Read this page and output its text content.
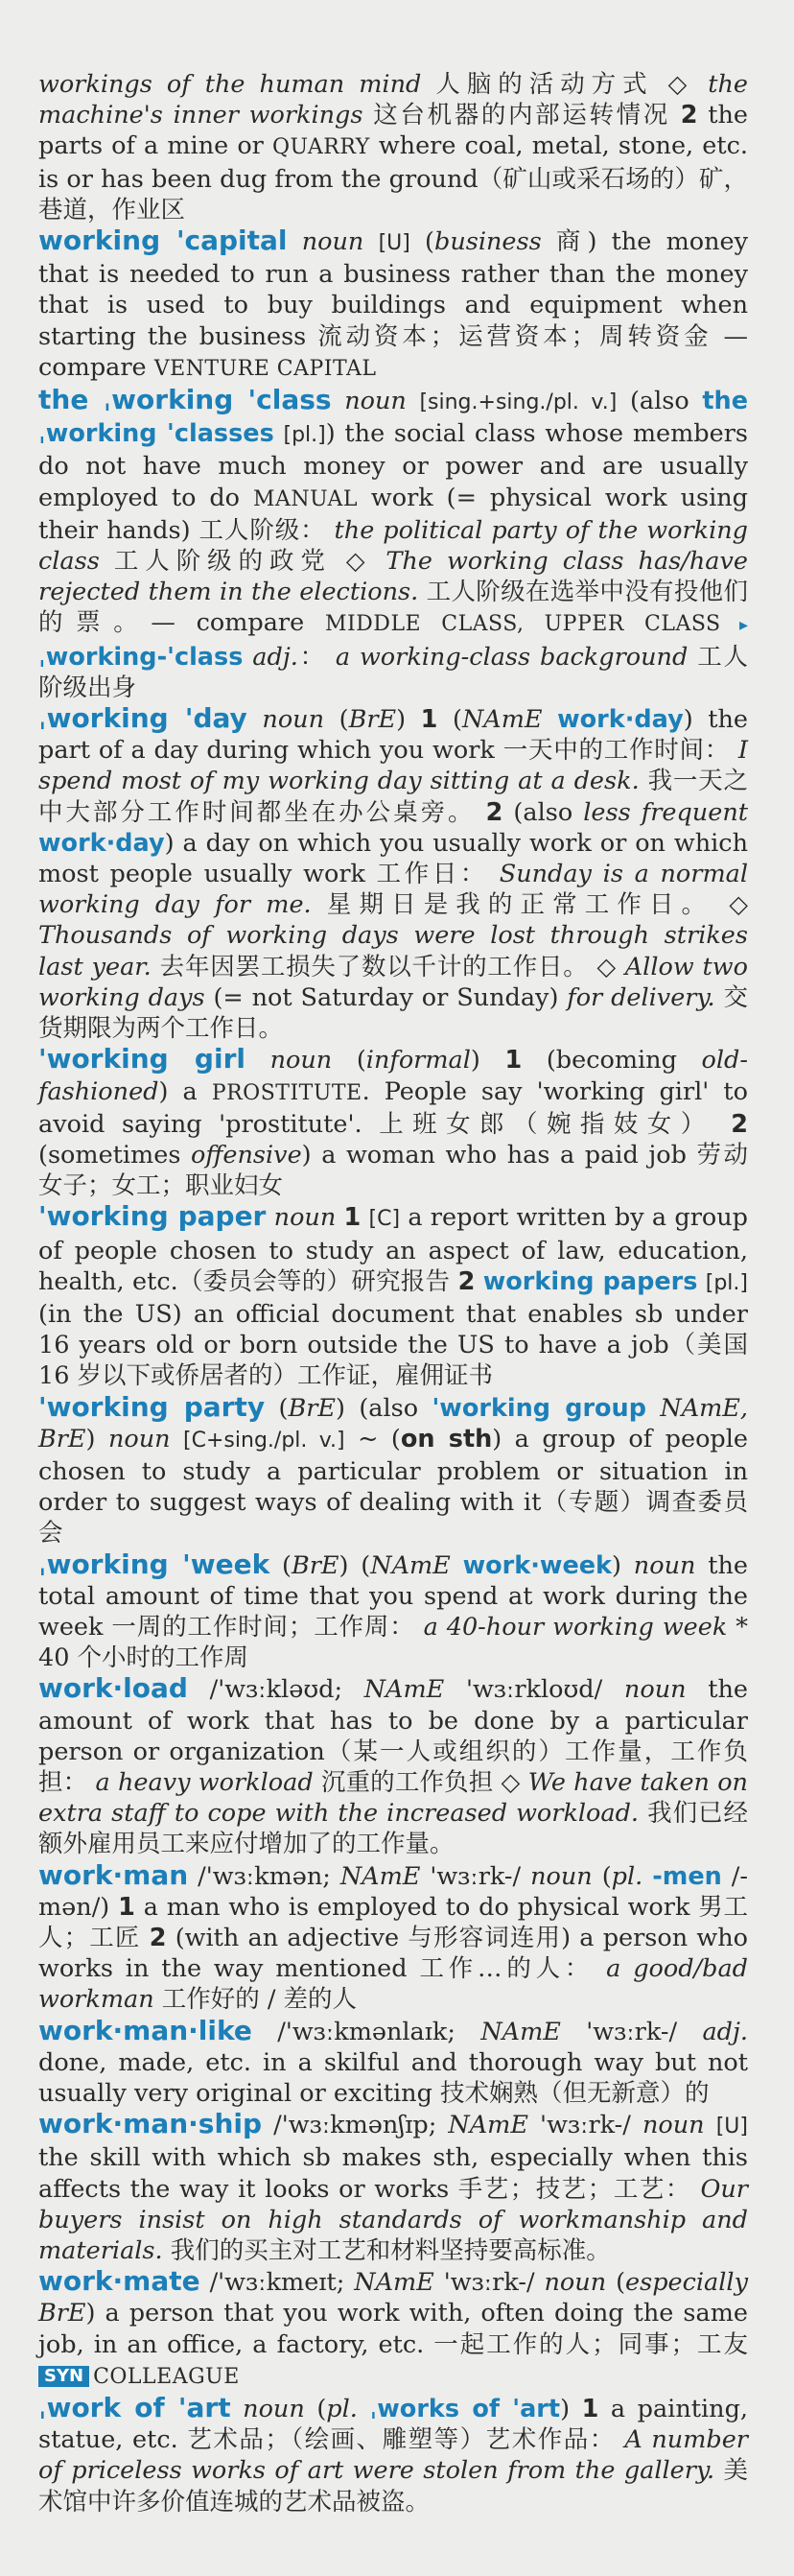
workings of the human mind 人脑的活动方式 ◇ the machine's inner workings 这台机器的内部运转情况 2 the parts of a mine or QUARRY where coal, metal, stone, etc. is or has been dug from the ground（矿山或采石场的）矿，巷道，作业区
working 'capital noun [U] (business 商) the money that is needed to run a business rather than the money that is used to buy buildings and equipment when starting the business 流动资本；运营资本；周转资金 — compare VENTURE CAPITAL
the ˌworking 'class noun [sing.+sing./pl. v.] (also the ˌworking 'classes [pl.]) the social class whose members do not have much money or power and are usually employed to do MANUAL work (= physical work using their hands) 工人阶级： the political party of the working class 工人阶级的政党 ◇ The working class has/have rejected them in the elections. 工人阶级在选举中没有投他们的票。— compare MIDDLE CLASS, UPPER CLASS ▸ ˌworking-'class adj.： a working-class background 工人阶级出身
ˌworking 'day noun (BrE) 1 (NAmE work·day) the part of a day during which you work 一天中的工作时间： I spend most of my working day sitting at a desk. 我一天之中大部分工作时间都坐在办公桌旁。 2 (also less frequent work·day) a day on which you usually work or on which most people usually work 工作日： Sunday is a normal working day for me. 星期日是我的正常工作日。 ◇ Thousands of working days were lost through strikes last year. 去年因罢工损失了数以千计的工作日。 ◇ Allow two working days (= not Saturday or Sunday) for delivery. 交货期限为两个工作日。
'working girl noun (informal) 1 (becoming old-fashioned) a PROSTITUTE. People say 'working girl' to avoid saying 'prostitute'. 上班女郎（婉指妓女） 2 (sometimes offensive) a woman who has a paid job 劳动女子；女工；职业妇女
'working paper noun 1 [C] a report written by a group of people chosen to study an aspect of law, education, health, etc.（委员会等的）研究报告 2 working papers [pl.] (in the US) an official document that enables sb under 16 years old or born outside the US to have a job（美国 16 岁以下或侨居者的）工作证，雇佣证书
'working party (BrE) (also 'working group NAmE, BrE) noun [C+sing./pl. v.] ~ (on sth) a group of people chosen to study a particular problem or situation in order to suggest ways of dealing with it（专题）调查委员会
ˌworking 'week (BrE) (NAmE work·week) noun the total amount of time that you spend at work during the week 一周的工作时间；工作周： a 40-hour working week * 40 个小时的工作周
work·load /'wɜːkləʊd; NAmE 'wɜːrkloʊd/ noun the amount of work that has to be done by a particular person or organization（某一人或组织的）工作量，工作负担： a heavy workload 沉重的工作负担 ◇ We have taken on extra staff to cope with the increased workload. 我们已经额外雇用员工来应付增加了的工作量。
work·man /'wɜːkmən; NAmE 'wɜːrk-/ noun (pl. -men /-mən/) 1 a man who is employed to do physical work 男工人；工匠 2 (with an adjective 与形容词连用) a person who works in the way mentioned 工作…的人： a good/bad workman 工作好的 / 差的人
work·man·like /'wɜːkmənlaɪk; NAmE 'wɜːrk-/ adj. done, made, etc. in a skilful and thorough way but not usually very original or exciting 技术娴熟（但无新意）的
work·man·ship /'wɜːkmənʃɪp; NAmE 'wɜːrk-/ noun [U] the skill with which sb makes sth, especially when this affects the way it looks or works 手艺；技艺；工艺： Our buyers insist on high standards of workmanship and materials. 我们的买主对工艺和材料坚持要高标准。
work·mate /'wɜːkmeɪt; NAmE 'wɜːrk-/ noun (especially BrE) a person that you work with, often doing the same job, in an office, a factory, etc. 一起工作的人；同事；工友 SYN COLLEAGUE
ˌwork of 'art noun (pl. ˌworks of 'art) 1 a painting, statue, etc. 艺术品；（绘画、雕塑等）艺术作品： A number of priceless works of art were stolen from the gallery. 美术馆中许多价值连城的艺术品被盗。
